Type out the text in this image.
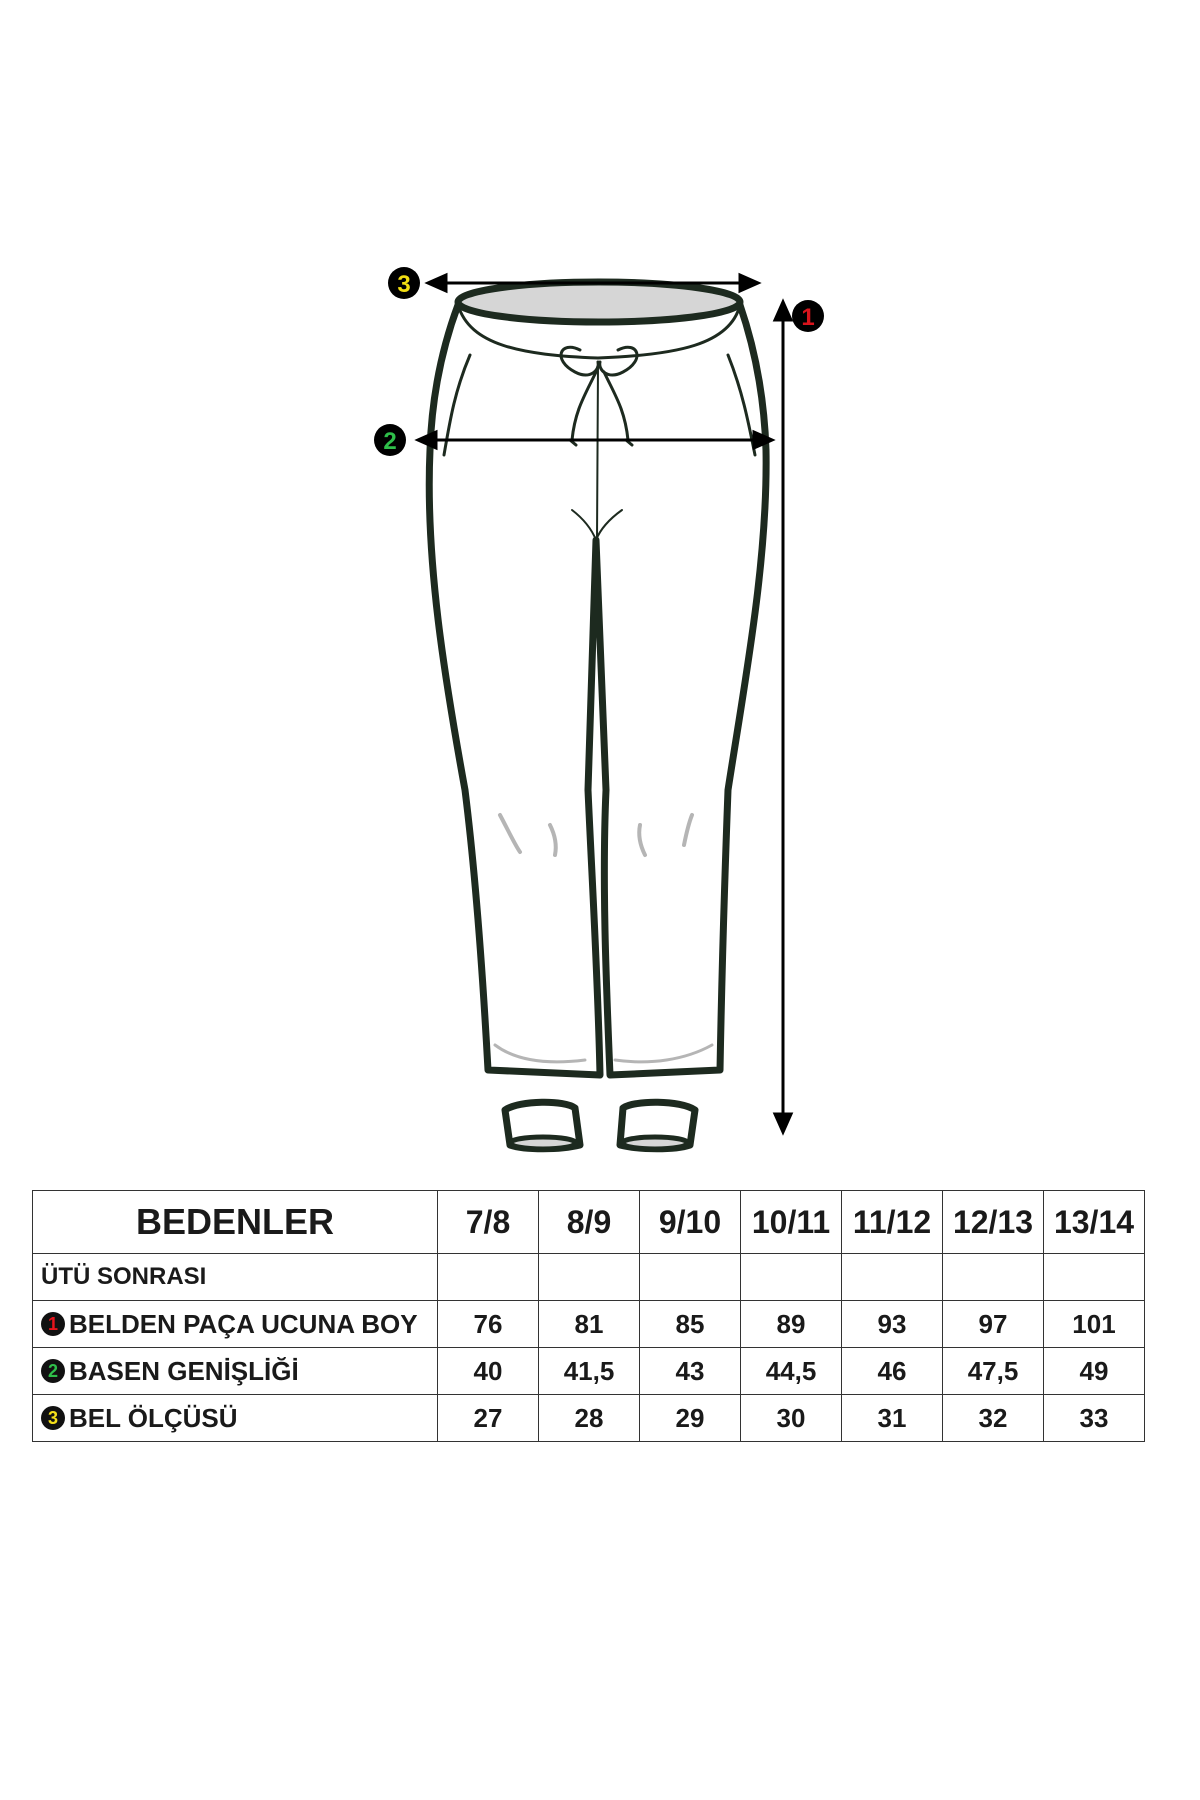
3
2
1
BEDENLER	7/8	8/9	9/10	10/11	11/12	12/13	13/14
ÜTÜ SONRASI							
1 BELDEN PAÇA UCUNA BOY	76	81	85	89	93	97	101
2 BASEN GENİŞLİĞİ	40	41,5	43	44,5	46	47,5	49
3 BEL ÖLÇÜSÜ	27	28	29	30	31	32	33
